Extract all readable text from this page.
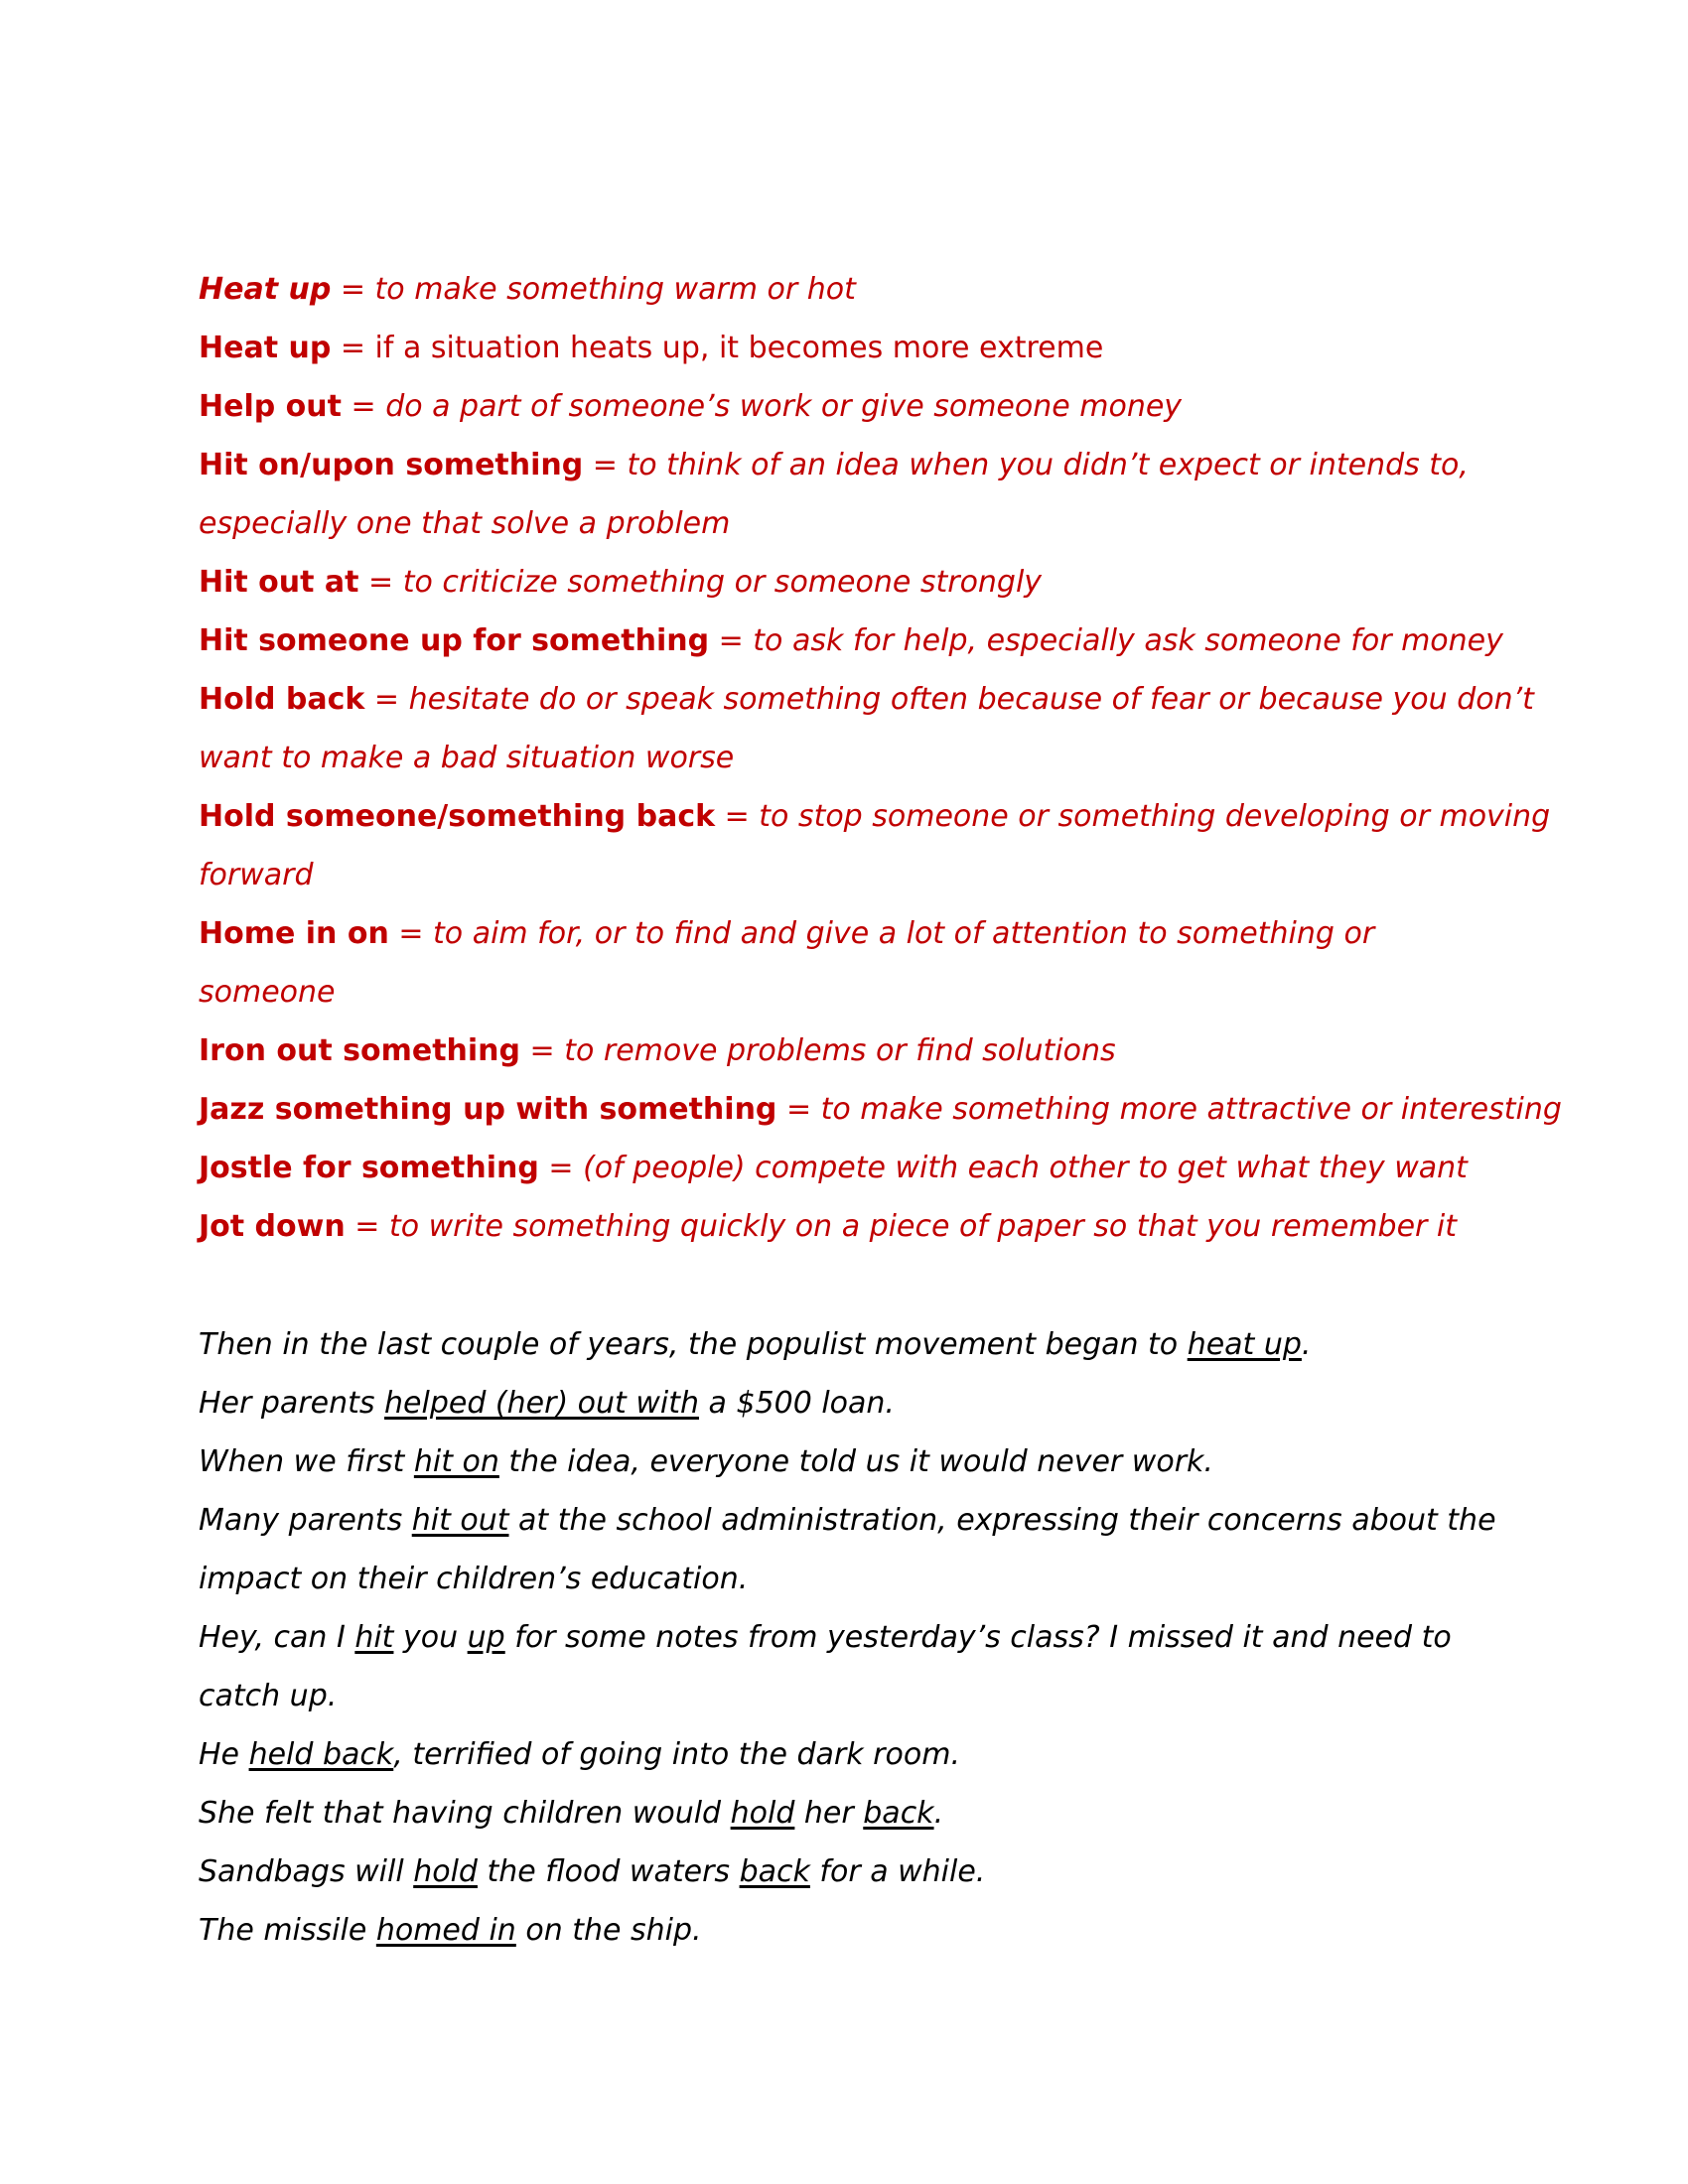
Heat up = to make something warm or hot
Heat up = if a situation heats up, it becomes more extreme
Help out = do a part of someone’s work or give someone money
Hit on/upon something = to think of an idea when you didn’t expect or intends to,
especially one that solve a problem
Hit out at = to criticize something or someone strongly
Hit someone up for something = to ask for help, especially ask someone for money
Hold back = hesitate do or speak something often because of fear or because you don’t
want to make a bad situation worse
Hold someone/something back = to stop someone or something developing or moving
forward
Home in on = to aim for, or to find and give a lot of attention to something or
someone
Iron out something = to remove problems or find solutions
Jazz something up with something = to make something more attractive or interesting
Jostle for something = (of people) compete with each other to get what they want
Jot down = to write something quickly on a piece of paper so that you remember it
Then in the last couple of years, the populist movement began to heat up.
Her parents helped (her) out with a $500 loan.
When we first hit on the idea, everyone told us it would never work.
Many parents hit out at the school administration, expressing their concerns about the
impact on their children’s education.
Hey, can I hit you up for some notes from yesterday’s class? I missed it and need to
catch up.
He held back, terrified of going into the dark room.
She felt that having children would hold her back.
Sandbags will hold the flood waters back for a while.
The missile homed in on the ship.
